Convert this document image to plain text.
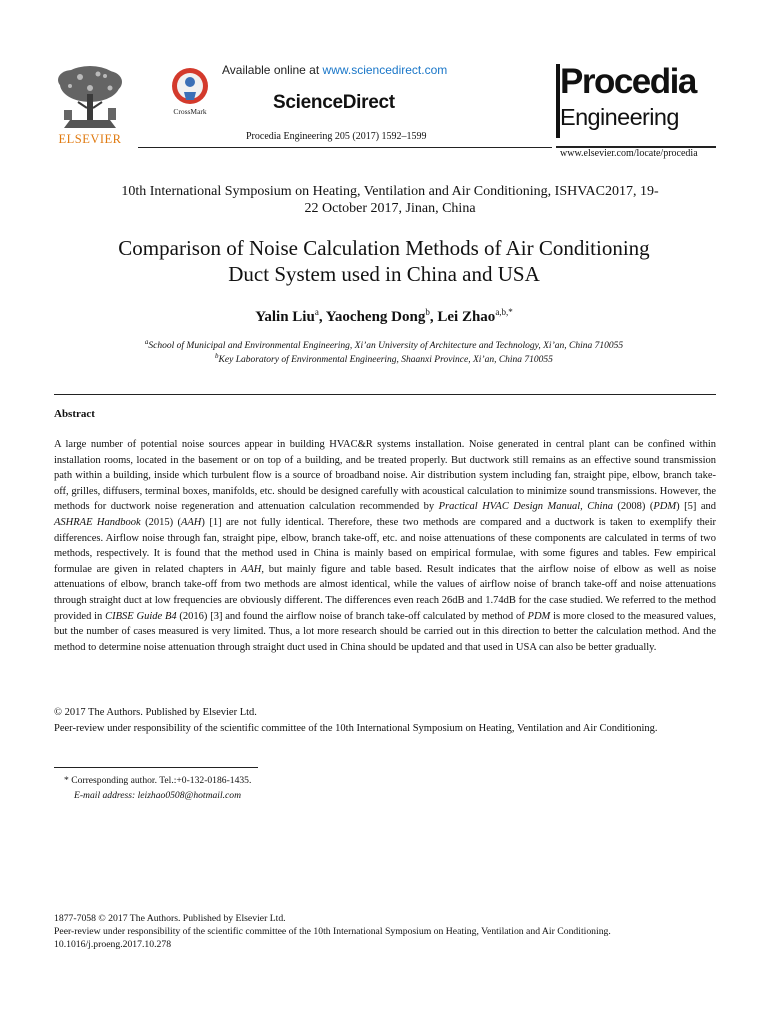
ELSEVIER
CrossMark
Available online at www.sciencedirect.com
ScienceDirect
Procedia Engineering 205 (2017) 1592–1599
Procedia
Engineering
www.elsevier.com/locate/procedia
10th International Symposium on Heating, Ventilation and Air Conditioning, ISHVAC2017, 19-
22 October 2017, Jinan, China
Comparison of Noise Calculation Methods of Air Conditioning
Duct System used in China and USA
Yalin Liu$^a$, Yaocheng Dong$^b$, Lei Zhao$^{a,b,*}$
$^a$School of Municipal and Environmental Engineering, Xi’an University of Architecture and Technology, Xi’an, China 710055
$^b$Key Laboratory of Environmental Engineering, Shaanxi Province, Xi’an, China 710055
Abstract
A large number of potential noise sources appear in building HVAC&R systems installation. Noise generated in central plant can be confined within installation rooms, located in the basement or on top of a building, and be treated properly. But ductwork still remains as an effective sound transmission path within a building, inside which turbulent flow is a source of broadband noise. Air distribution system including fan, straight pipe, elbow, branch take-off, grilles, diffusers, terminal boxes, manifolds, etc. should be designed carefully with acoustical calculation to minimize sound transmissions. However, the methods for ductwork noise regeneration and attenuation calculation recommended by Practical HVAC Design Manual, China (2008) (PDM) [5] and ASHRAE Handbook (2015) (AAH) [1] are not fully identical. Therefore, these two methods are compared and a ductwork is taken to exemplify their differences. Airflow noise through fan, straight pipe, elbow, branch take-off, etc. and noise attenuations of these components are calculated in terms of two methods, respectively. It is found that the method used in China is mainly based on empirical formulae, with some figures and tables. Few empirical formulae are given in related chapters in AAH, but mainly figure and table based. Result indicates that the airflow noise of elbow as well as noise attenuations of elbow, branch take-off from two methods are almost identical, while the values of airflow noise of branch take-off and noise attenuations through straight duct at low frequencies are obviously different. The differences even reach 26dB and 1.74dB for the case studied. We referred to the method provided in CIBSE Guide B4 (2016) [3] and found the airflow noise of branch take-off calculated by method of PDM is more closed to the measured values, but the number of cases measured is very limited. Thus, a lot more research should be carried out in this direction to better the calculation method. And the method to determine noise attenuation through straight duct used in China should be updated and that used in USA can also be better gradually.
© 2017 The Authors. Published by Elsevier Ltd.
Peer-review under responsibility of the scientific committee of the 10th International Symposium on Heating, Ventilation and Air Conditioning.
* Corresponding author. Tel.:+0-132-0186-1435.
E-mail address: leizhao0508@hotmail.com
1877-7058 © 2017 The Authors. Published by Elsevier Ltd.
Peer-review under responsibility of the scientific committee of the 10th International Symposium on Heating, Ventilation and Air Conditioning.
10.1016/j.proeng.2017.10.278
